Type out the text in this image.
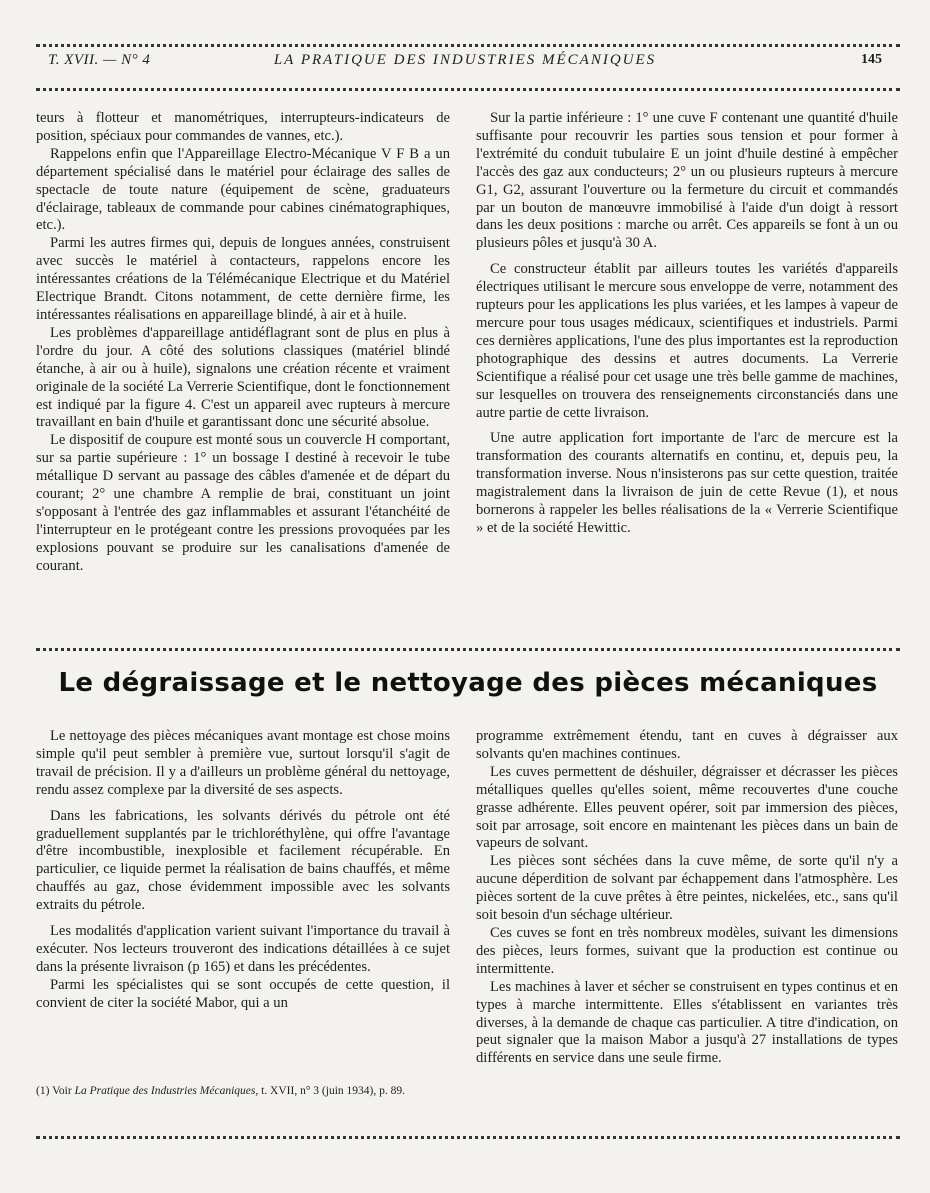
T. XVII. — N° 4	LA PRATIQUE DES INDUSTRIES MÉCANIQUES	145

teurs à flotteur et manométriques, interrupteurs-indicateurs de position, spéciaux pour commandes de vannes, etc.).

Rappelons enfin que l'Appareillage Electro-Mécanique V F B a un département spécialisé dans le matériel pour éclairage des salles de spectacle de toute nature (équipement de scène, graduateurs d'éclairage, tableaux de commande pour cabines cinématographiques, etc.).

Parmi les autres firmes qui, depuis de longues années, construisent avec succès le matériel à contacteurs, rappelons encore les intéressantes créations de la Télémécanique Electrique et du Matériel Electrique Brandt. Citons notamment, de cette dernière firme, les intéressantes réalisations en appareillage blindé, à air et à huile.

Les problèmes d'appareillage antidéflagrant sont de plus en plus à l'ordre du jour. A côté des solutions classiques (matériel blindé étanche, à air ou à huile), signalons une création récente et vraiment originale de la société La Verrerie Scientifique, dont le fonctionnement est indiqué par la figure 4. C'est un appareil avec rupteurs à mercure travaillant en bain d'huile et garantissant donc une sécurité absolue.

Le dispositif de coupure est monté sous un couvercle H comportant, sur sa partie supérieure : 1° un bossage I destiné à recevoir le tube métallique D servant au passage des câbles d'amenée et de départ du courant; 2° une chambre A remplie de brai, constituant un joint s'opposant à l'entrée des gaz inflammables et assurant l'étanchéité de l'interrupteur en le protégeant contre les pressions provoquées par les explosions pouvant se produire sur les canalisations d'amenée de courant.

Sur la partie inférieure : 1° une cuve F contenant une quantité d'huile suffisante pour recouvrir les parties sous tension et pour former à l'extrémité du conduit tubulaire E un joint d'huile destiné à empêcher l'accès des gaz aux conducteurs; 2° un ou plusieurs rupteurs à mercure G1, G2, assurant l'ouverture ou la fermeture du circuit et commandés par un bouton de manœuvre immobilisé à l'aide d'un doigt à ressort dans les deux positions : marche ou arrêt. Ces appareils se font à un ou plusieurs pôles et jusqu'à 30 A.

Ce constructeur établit par ailleurs toutes les variétés d'appareils électriques utilisant le mercure sous enveloppe de verre, notamment des rupteurs pour les applications les plus variées, et les lampes à vapeur de mercure pour tous usages médicaux, scientifiques et industriels. Parmi ces dernières applications, l'une des plus importantes est la reproduction photographique des dessins et autres documents. La Verrerie Scientifique a réalisé pour cet usage une très belle gamme de machines, sur lesquelles on trouvera des renseignements circonstanciés dans une autre partie de cette livraison.

Une autre application fort importante de l'arc de mercure est la transformation des courants alternatifs en continu, et, depuis peu, la transformation inverse. Nous n'insisterons pas sur cette question, traitée magistralement dans la livraison de juin de cette Revue (1), et nous bornerons à rappeler les belles réalisations de la « Verrerie Scientifique » et de la société Hewittic.

Le dégraissage et le nettoyage des pièces mécaniques

Le nettoyage des pièces mécaniques avant montage est chose moins simple qu'il peut sembler à première vue, surtout lorsqu'il s'agit de travail de précision. Il y a d'ailleurs un problème général du nettoyage, rendu assez complexe par la diversité de ses aspects.

Dans les fabrications, les solvants dérivés du pétrole ont été graduellement supplantés par le trichloréthylène, qui offre l'avantage d'être incombustible, inexplosible et facilement récupérable. En particulier, ce liquide permet la réalisation de bains chauffés, et même chauffés au gaz, chose évidemment impossible avec les solvants extraits du pétrole.

Les modalités d'application varient suivant l'importance du travail à exécuter. Nos lecteurs trouveront des indications détaillées à ce sujet dans la présente livraison (p 165) et dans les précédentes.

Parmi les spécialistes qui se sont occupés de cette question, il convient de citer la société Mabor, qui a un

(1) Voir La Pratique des Industries Mécaniques, t. XVII, n° 3 (juin 1934), p. 89.

programme extrêmement étendu, tant en cuves à dégraisser aux solvants qu'en machines continues.

Les cuves permettent de déshuiler, dégraisser et décrasser les pièces métalliques quelles qu'elles soient, même recouvertes d'une couche grasse adhérente. Elles peuvent opérer, soit par immersion des pièces, soit par arrosage, soit encore en maintenant les pièces dans un bain de vapeurs de solvant.

Les pièces sont séchées dans la cuve même, de sorte qu'il n'y a aucune déperdition de solvant par échappement dans l'atmosphère. Les pièces sortent de la cuve prêtes à être peintes, nickelées, etc., sans qu'il soit besoin d'un séchage ultérieur.

Ces cuves se font en très nombreux modèles, suivant les dimensions des pièces, leurs formes, suivant que la production est continue ou intermittente.

Les machines à laver et sécher se construisent en types continus et en types à marche intermittente. Elles s'établissent en variantes très diverses, à la demande de chaque cas particulier. A titre d'indication, on peut signaler que la maison Mabor a jusqu'à 27 installations de types différents en service dans une seule firme.
